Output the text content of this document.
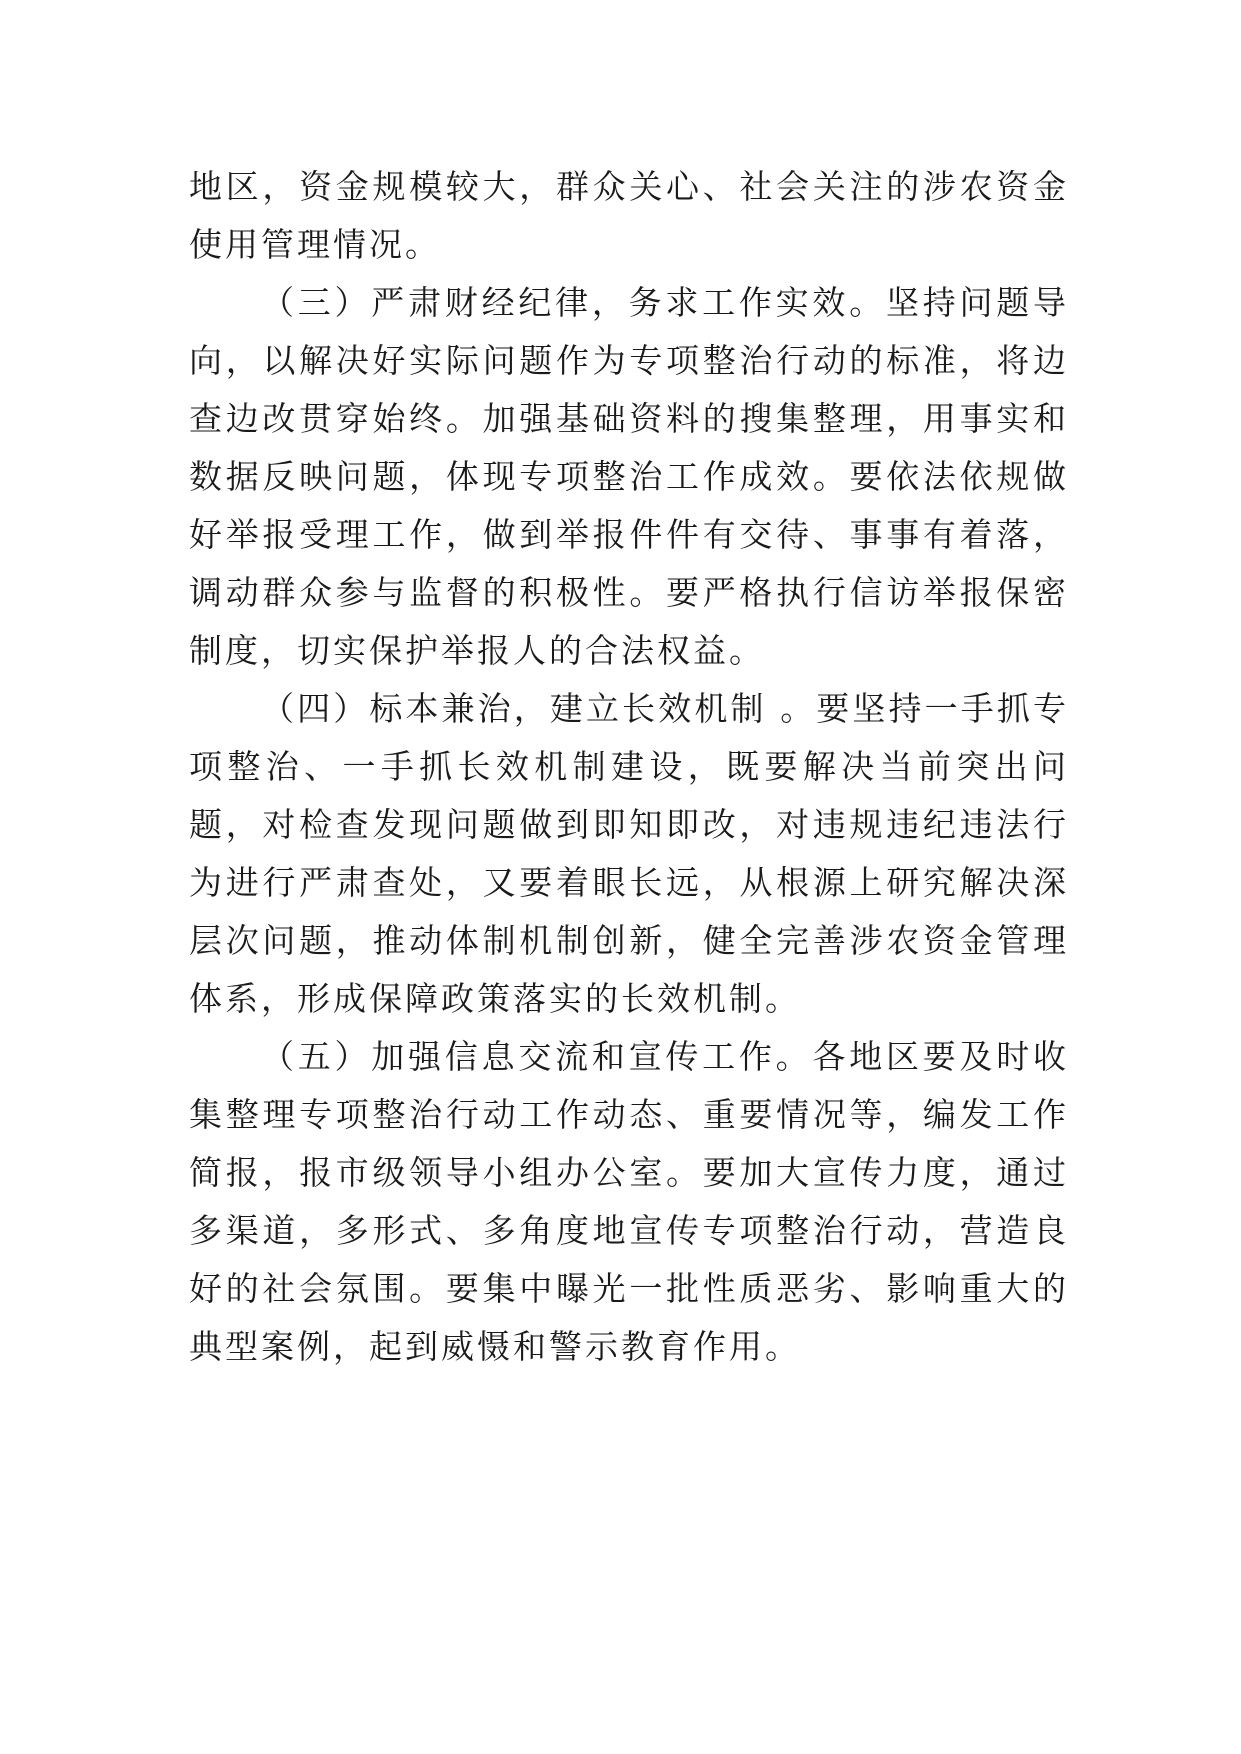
地区，资金规模较大，群众关心、社会关注的涉农资金使用管理情况。

（三）严肃财经纪律，务求工作实效。坚持问题导向，以解决好实际问题作为专项整治行动的标准，将边查边改贯穿始终。加强基础资料的搜集整理，用事实和数据反映问题，体现专项整治工作成效。要依法依规做好举报受理工作，做到举报件件有交待、事事有着落，调动群众参与监督的积极性。要严格执行信访举报保密制度，切实保护举报人的合法权益。

（四）标本兼治，建立长效机制 。要坚持一手抓专项整治、一手抓长效机制建设，既要解决当前突出问题，对检查发现问题做到即知即改，对违规违纪违法行为进行严肃查处，又要着眼长远，从根源上研究解决深层次问题，推动体制机制创新，健全完善涉农资金管理体系，形成保障政策落实的长效机制。

（五）加强信息交流和宣传工作。各地区要及时收集整理专项整治行动工作动态、重要情况等，编发工作简报，报市级领导小组办公室。要加大宣传力度，通过多渠道，多形式、多角度地宣传专项整治行动，营造良好的社会氛围。要集中曝光一批性质恶劣、影响重大的典型案例，起到威慑和警示教育作用。
